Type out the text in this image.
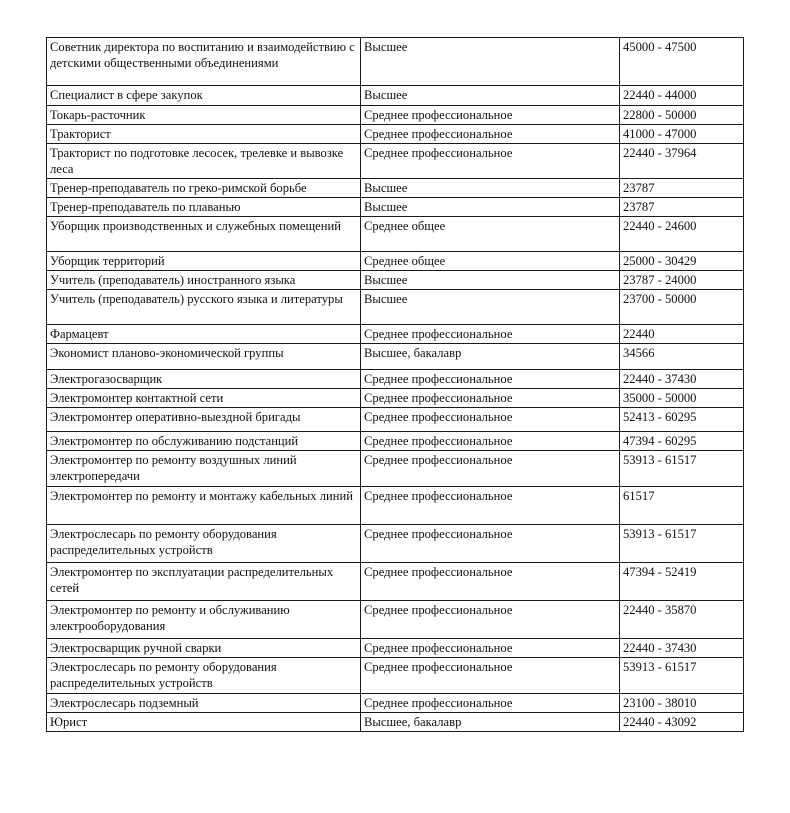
Советник директора по воспитанию и взаимодействию с детскими общественными объединениями	Высшее	45000 - 47500
Специалист в сфере закупок	Высшее	22440 - 44000
Токарь-расточник	Среднее профессиональное	22800 - 50000
Тракторист	Среднее профессиональное	41000 - 47000
Тракторист по подготовке лесосек, трелевке и вывозке леса	Среднее профессиональное	22440 - 37964
Тренер-преподаватель по греко-римской борьбе	Высшее	23787
Тренер-преподаватель по плаванью	Высшее	23787
Уборщик производственных и служебных помещений	Среднее общее	22440 - 24600
Уборщик территорий	Среднее общее	25000 - 30429
Учитель (преподаватель) иностранного языка	Высшее	23787 - 24000
Учитель (преподаватель) русского языка и литературы	Высшее	23700 - 50000
Фармацевт	Среднее профессиональное	22440
Экономист планово-экономической группы	Высшее, бакалавр	34566
Электрогазосварщик	Среднее профессиональное	22440 - 37430
Электромонтер контактной сети	Среднее профессиональное	35000 - 50000
Электромонтер оперативно-выездной бригады	Среднее профессиональное	52413 - 60295
Электромонтер по обслуживанию подстанций	Среднее профессиональное	47394 - 60295
Электромонтер по ремонту воздушных линий электропередачи	Среднее профессиональное	53913 - 61517
Электромонтер по ремонту и монтажу кабельных линий	Среднее профессиональное	61517
Электрослесарь по ремонту оборудования распределительных устройств	Среднее профессиональное	53913 - 61517
Электромонтер по эксплуатации распределительных сетей	Среднее профессиональное	47394 - 52419
Электромонтер по ремонту и обслуживанию электрооборудования	Среднее профессиональное	22440 - 35870
Электросварщик ручной сварки	Среднее профессиональное	22440 - 37430
Электрослесарь по ремонту оборудования распределительных устройств	Среднее профессиональное	53913 - 61517
Электрослесарь подземный	Среднее профессиональное	23100 - 38010
Юрист	Высшее, бакалавр	22440 - 43092
